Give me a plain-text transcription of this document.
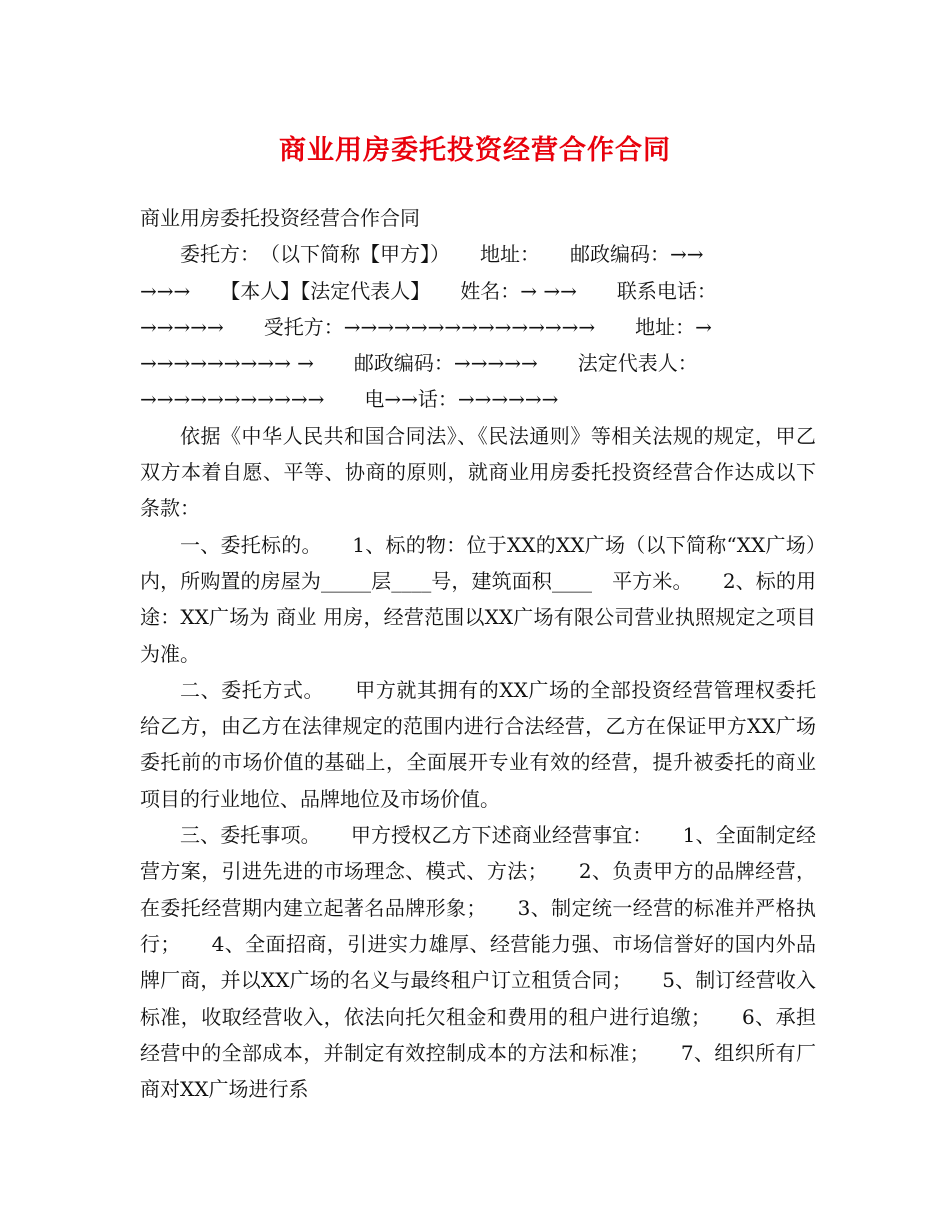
商业用房委托投资经营合作合同
商业用房委托投资经营合作合同
　　委托方：　（以下简称【甲方】）　　地址：　　邮政编码：→→
→→→　　【本人】【法定代表人】　　姓名：→ →→　　联系电话：
→→→→→　　受托方：→→→→→→→→→→→→→→→　　地址：→
→→→→→→→→→ →　　邮政编码：→→→→→　　法定代表人：
→→→→→→→→→→→　　电→→话：→→→→→→

依据《中华人民共和国合同法》、《民法通则》等相关法规的规定，甲乙双方本着自愿、平等、协商的原则，就商业用房委托投资经营合作达成以下条款：

一、委托标的。　　1、标的物：位于XX的XX广场（以下简称“XX广场）内，所购置的房屋为_____层____号，建筑面积____　平方米。　　2、标的用途：XX广场为 商业 用房，经营范围以XX广场有限公司营业执照规定之项目为准。

二、委托方式。　　甲方就其拥有的XX广场的全部投资经营管理权委托给乙方，由乙方在法律规定的范围内进行合法经营，乙方在保证甲方XX广场委托前的市场价值的基础上，全面展开专业有效的经营，提升被委托的商业项目的行业地位、品牌地位及市场价值。

三、委托事项。　　甲方授权乙方下述商业经营事宜：　　1、全面制定经营方案，引进先进的市场理念、模式、方法；　　2、负责甲方的品牌经营，在委托经营期内建立起著名品牌形象；　　3、制定统一经营的标准并严格执行；　　4、全面招商，引进实力雄厚、经营能力强、市场信誉好的国内外品牌厂商，并以XX广场的名义与最终租户订立租赁合同；　　5、制订经营收入标准，收取经营收入，依法向托欠租金和费用的租户进行追缴；　　6、承担经营中的全部成本，并制定有效控制成本的方法和标准；　　7、组织所有厂商对XX广场进行系
